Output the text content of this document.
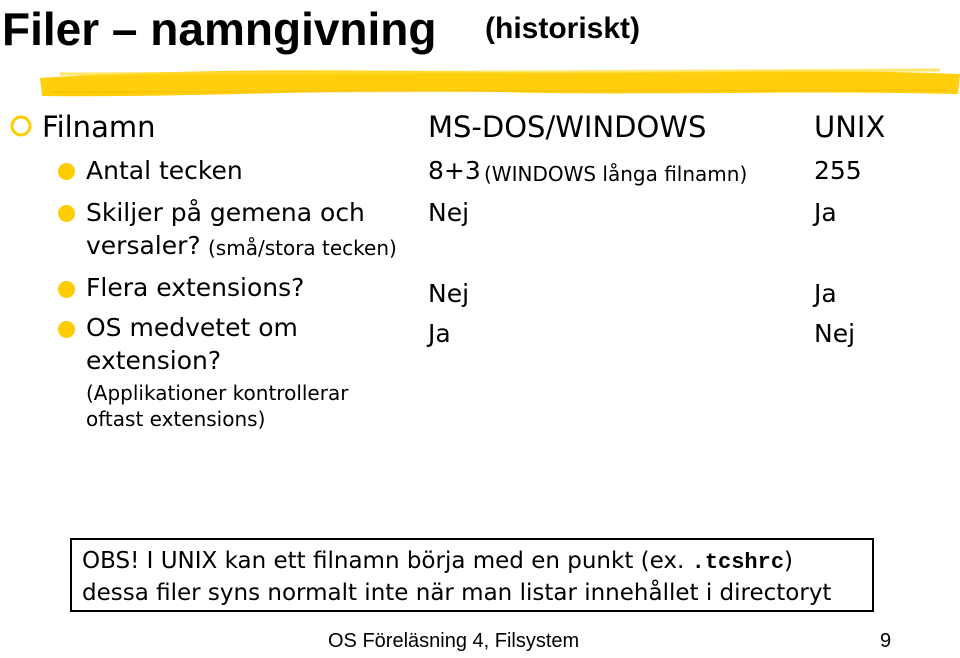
Filer – namngivning (historiskt)
Filnamn	MS-DOS/WINDOWS	UNIX
Antal tecken	8+3 (WINDOWS långa filnamn)	255
Skiljer på gemena och
versaler? (små/stora tecken)
Nej	Ja
Flera extensions?	Nej	Ja
OS medvetet om
extension?
(Applikationer kontrollerar
oftast extensions)
Ja	Nej
OBS! I UNIX kan ett filnamn börja med en punkt (ex. .tcshrc)
dessa filer syns normalt inte när man listar innehållet i directoryt
OS Föreläsning 4, Filsystem	9
